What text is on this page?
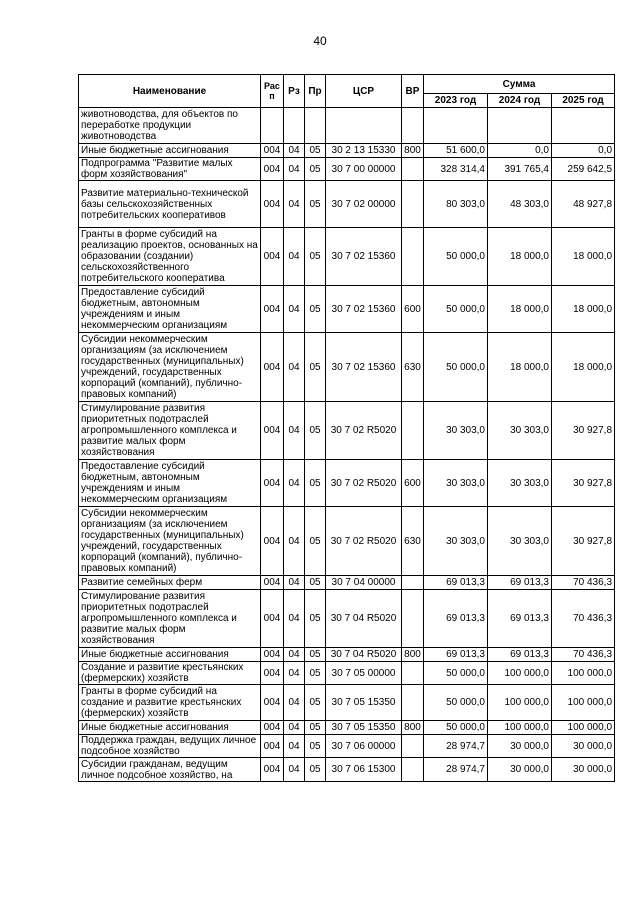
40
Наименование	Рас п	Рз	Пр	ЦСР	ВР	Сумма		
						2023 год	2024 год	2025 год
животноводства, для объектов по переработке продукции животноводства								
Иные бюджетные ассигнования	004	04	05	30 2 13 15330	800	51 600,0	0,0	0,0
Подпрограмма "Развитие малых форм хозяйствования"	004	04	05	30 7 00 00000		328 314,4	391 765,4	259 642,5
Развитие материально-технической базы сельскохозяйственных потребительских кооперативов	004	04	05	30 7 02 00000		80 303,0	48 303,0	48 927,8
Гранты в форме субсидий на реализацию проектов, основанных на образовании (создании) сельскохозяйственного потребительского кооператива	004	04	05	30 7 02 15360		50 000,0	18 000,0	18 000,0
Предоставление субсидий бюджетным, автономным учреждениям и иным некоммерческим организациям	004	04	05	30 7 02 15360	600	50 000,0	18 000,0	18 000,0
Субсидии некоммерческим организациям (за исключением государственных (муниципальных) учреждений, государственных корпораций (компаний), публично-правовых компаний)	004	04	05	30 7 02 15360	630	50 000,0	18 000,0	18 000,0
Стимулирование развития приоритетных подотраслей агропромышленного комплекса и развитие малых форм хозяйствования	004	04	05	30 7 02 R5020		30 303,0	30 303,0	30 927,8
Предоставление субсидий бюджетным, автономным учреждениям и иным некоммерческим организациям	004	04	05	30 7 02 R5020	600	30 303,0	30 303,0	30 927,8
Субсидии некоммерческим организациям (за исключением государственных (муниципальных) учреждений, государственных корпораций (компаний), публично-правовых компаний)	004	04	05	30 7 02 R5020	630	30 303,0	30 303,0	30 927,8
Развитие семейных ферм	004	04	05	30 7 04 00000		69 013,3	69 013,3	70 436,3
Стимулирование развития приоритетных подотраслей агропромышленного комплекса и развитие малых форм хозяйствования	004	04	05	30 7 04 R5020		69 013,3	69 013,3	70 436,3
Иные бюджетные ассигнования	004	04	05	30 7 04 R5020	800	69 013,3	69 013,3	70 436,3
Создание и развитие крестьянских (фермерских) хозяйств	004	04	05	30 7 05 00000		50 000,0	100 000,0	100 000,0
Гранты в форме субсидий на создание и развитие крестьянских (фермерских) хозяйств	004	04	05	30 7 05 15350		50 000,0	100 000,0	100 000,0
Иные бюджетные ассигнования	004	04	05	30 7 05 15350	800	50 000,0	100 000,0	100 000,0
Поддержка граждан, ведущих личное подсобное хозяйство	004	04	05	30 7 06 00000		28 974,7	30 000,0	30 000,0
Субсидии гражданам, ведущим личное подсобное хозяйство, на	004	04	05	30 7 06 15300		28 974,7	30 000,0	30 000,0
